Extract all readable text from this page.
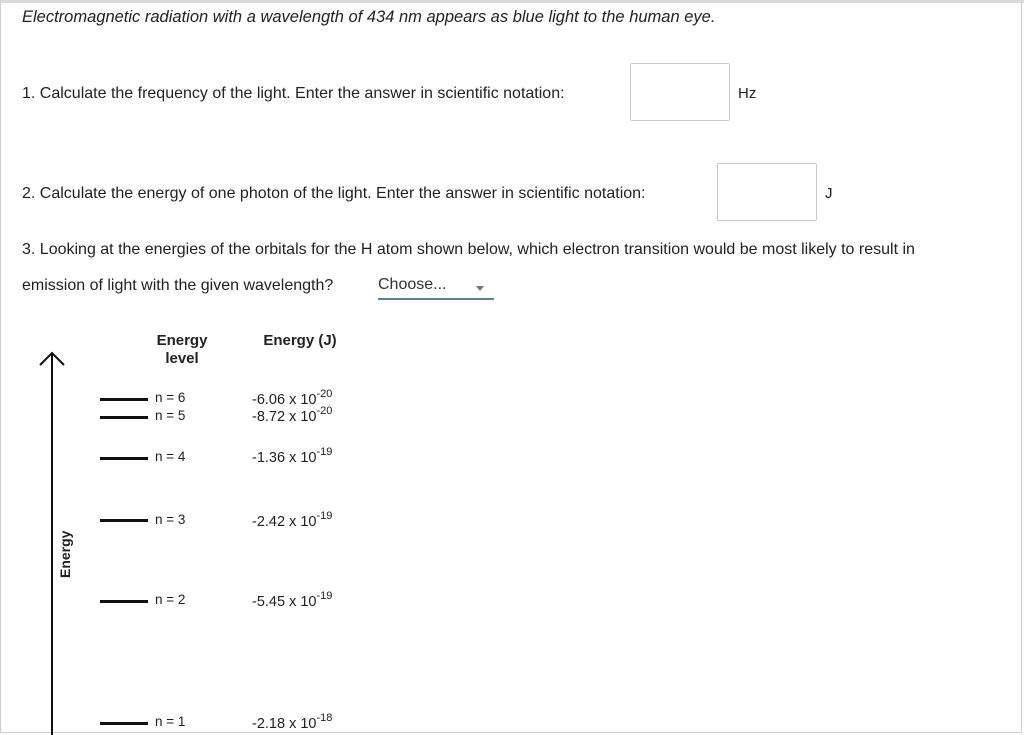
Electromagnetic radiation with a wavelength of 434 nm appears as blue light to the human eye.
1. Calculate the frequency of the light. Enter the answer in scientific notation:	Hz
2. Calculate the energy of one photon of the light. Enter the answer in scientific notation:	J
3. Looking at the energies of the orbitals for the H atom shown below, which electron transition would be most likely to result in
emission of light with the given wavelength?	Choose...
Energy
Energy
level
Energy (J)
n = 6	-6.06 x $10^{-20}$
n = 5	-8.72 x $10^{-20}$
n = 4	-1.36 x $10^{-19}$
n = 3	-2.42 x $10^{-19}$
n = 2	-5.45 x $10^{-19}$
n = 1	-2.18 x $10^{-18}$
